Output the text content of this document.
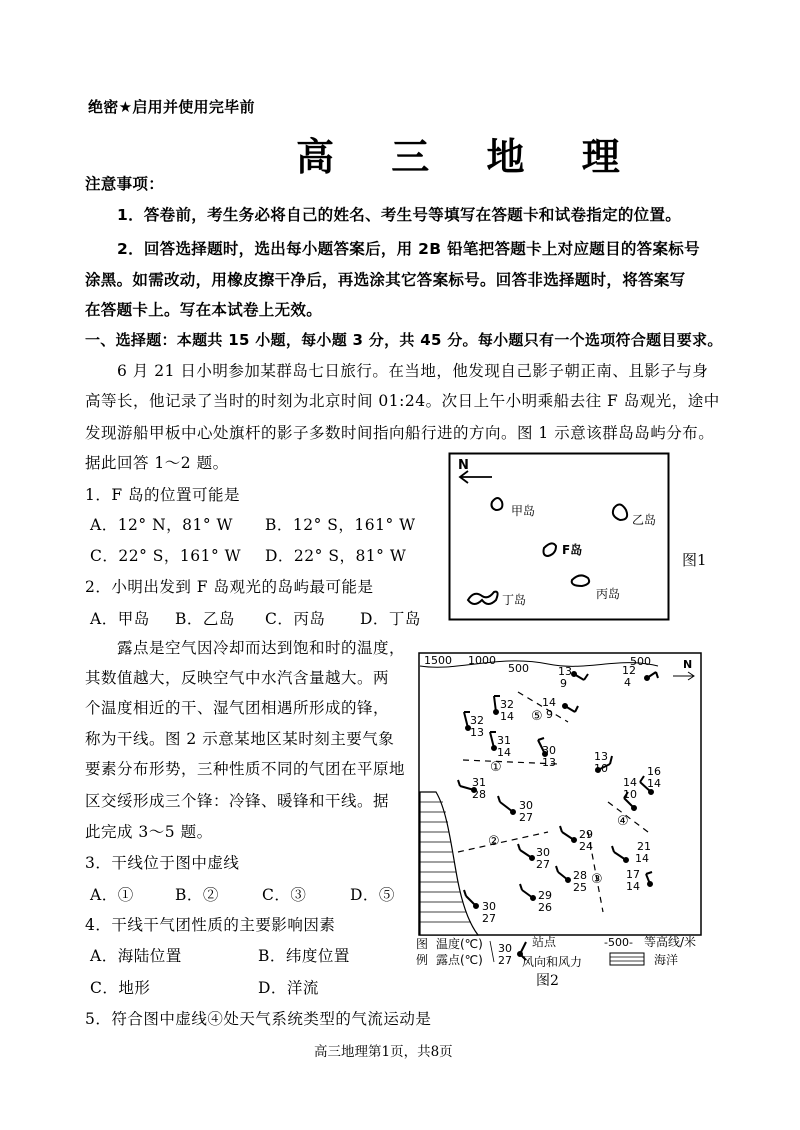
绝密★启用并使用完毕前
高 三 地 理
注意事项：
1．答卷前，考生务必将自己的姓名、考生号等填写在答题卡和试卷指定的位置。
2．回答选择题时，选出每小题答案后，用 2B 铅笔把答题卡上对应题目的答案标号
涂黑。如需改动，用橡皮擦干净后，再选涂其它答案标号。回答非选择题时，将答案写
在答题卡上。写在本试卷上无效。
一、选择题：本题共 15 小题，每小题 3 分，共 45 分。每小题只有一个选项符合题目要求。
6 月 21 日小明参加某群岛七日旅行。在当地，他发现自己影子朝正南、且影子与身
高等长，他记录了当时的时刻为北京时间 01:24。次日上午小明乘船去往 F 岛观光，途中
发现游船甲板中心处旗杆的影子多数时间指向船行进的方向。图 1 示意该群岛岛屿分布。
据此回答 1～2 题。
1．F 岛的位置可能是
A．12° N，81° W B．12° S，161° W
C．22° S，161° W D．22° S，81° W
2．小明出发到 F 岛观光的岛屿最可能是
A．甲岛 B．乙岛 C．丙岛 D．丁岛
N
甲岛
乙岛
F岛
丙岛
丁岛
图1
露点是空气因冷却而达到饱和时的温度，
其数值越大，反映空气中水汽含量越大。两
个温度相近的干、湿气团相遇所形成的锋，
称为干线。图 2 示意某地区某时刻主要气象
要素分布形势，三种性质不同的气团在平原地
区交绥形成三个锋：冷锋、暖锋和干线。据
此完成 3～5 题。
3．干线位于图中虚线
A．①	B．②	C．③	D．⑤
4．干线干气团性质的主要影响因素
A．海陆位置	B．纬度位置
C．地形	D．洋流
5．符合图中虚线④处天气系统类型的气流运动是
1500 1000
500
500	N
①
②
③
④
⑤
13
9
12
4
32
14
14
9
32
13
31
14	30
13	13
10	16
14
14
10
31
28
30
27
29
24
30
27
21
14
28
25
17
14
29
26
30
27
图
例
温度(℃)
露点(℃)
30
27
站点
风向和风力
-500- 等高线/米
海洋
图2
高三地理第1页，共8页
